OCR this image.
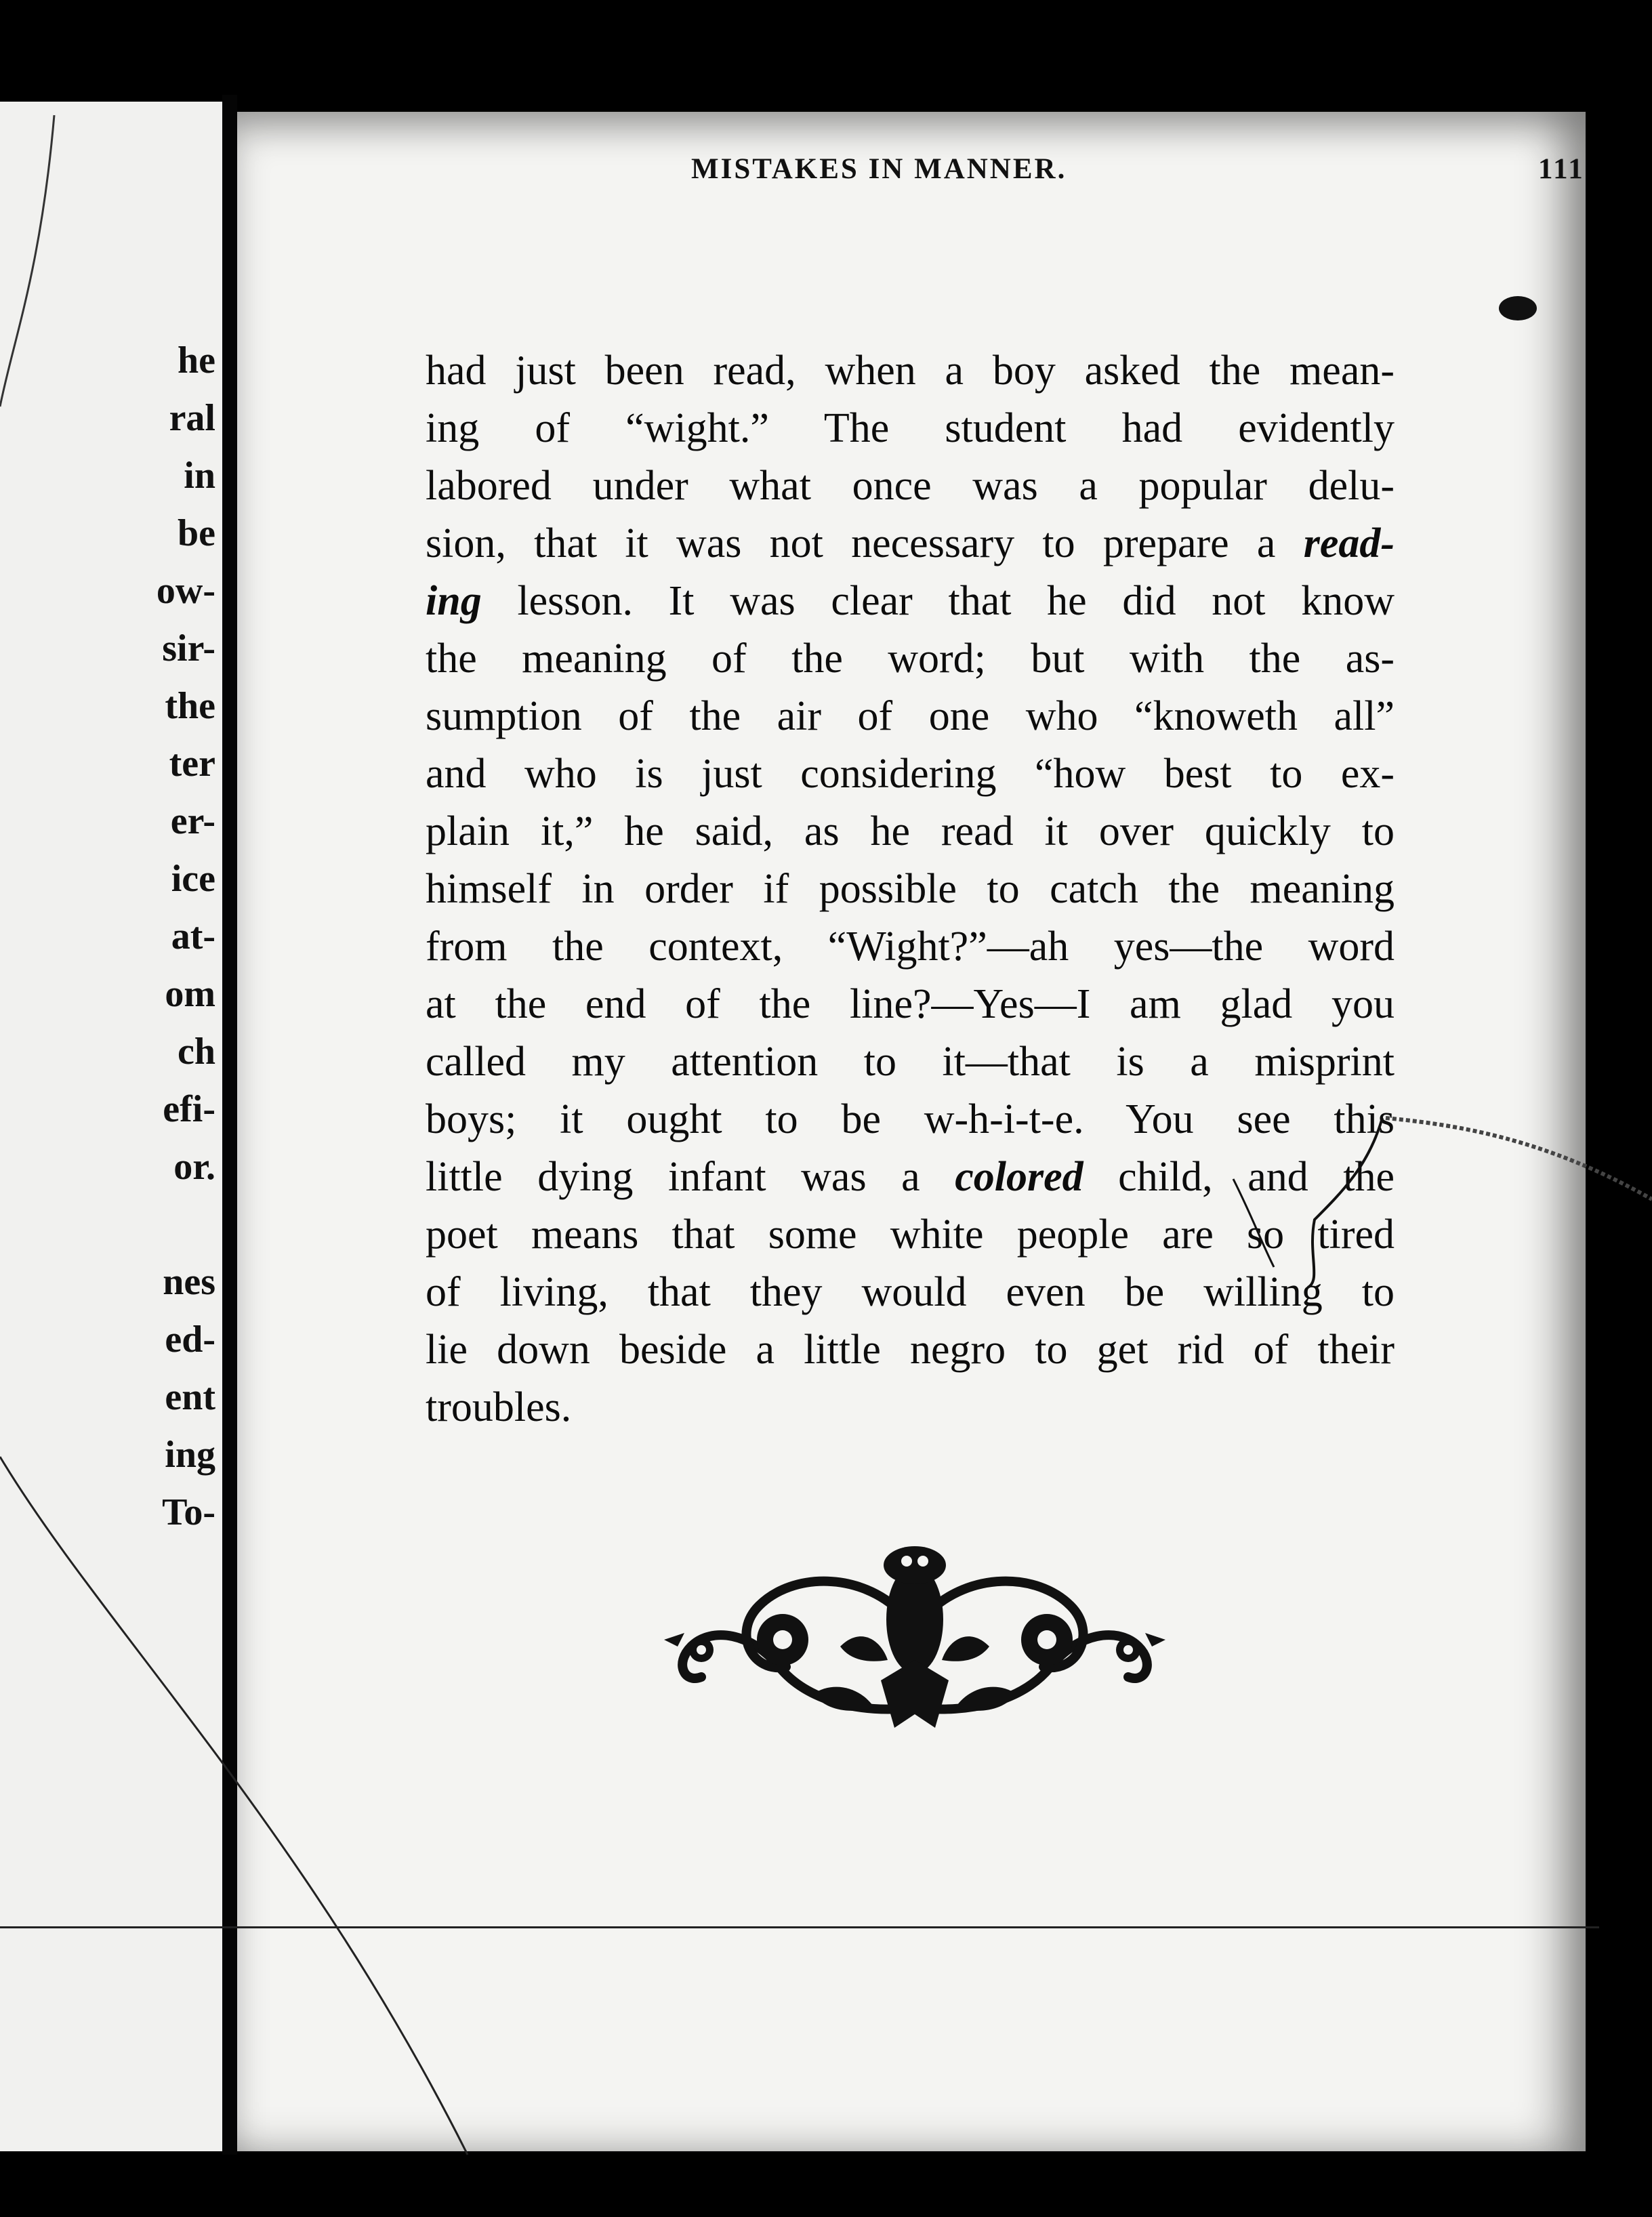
he
ral
in
be
ow-
sir-
the
ter
er-
ice
at-
om
ch
efi-
or.
nes
ed-
ent
ing
To-
MISTAKES IN MANNER.	111
had just been read, when a boy asked the mean-
ing of “wight.” The student had evidently
labored under what once was a popular delu-
sion, that it was not necessary to prepare a read-
ing lesson. It was clear that he did not know
the meaning of the word; but with the as-
sumption of the air of one who “knoweth all”
and who is just considering “how best to ex-
plain it,” he said, as he read it over quickly to
himself in order if possible to catch the meaning
from the context, “Wight?”—ah yes—the word
at the end of the line?—Yes—I am glad you
called my attention to it—that is a misprint
boys; it ought to be w-h-i-t-e. You see this
little dying infant was a colored child, and the
poet means that some white people are so tired
of living, that they would even be willing to
lie down beside a little negro to get rid of their
troubles.
